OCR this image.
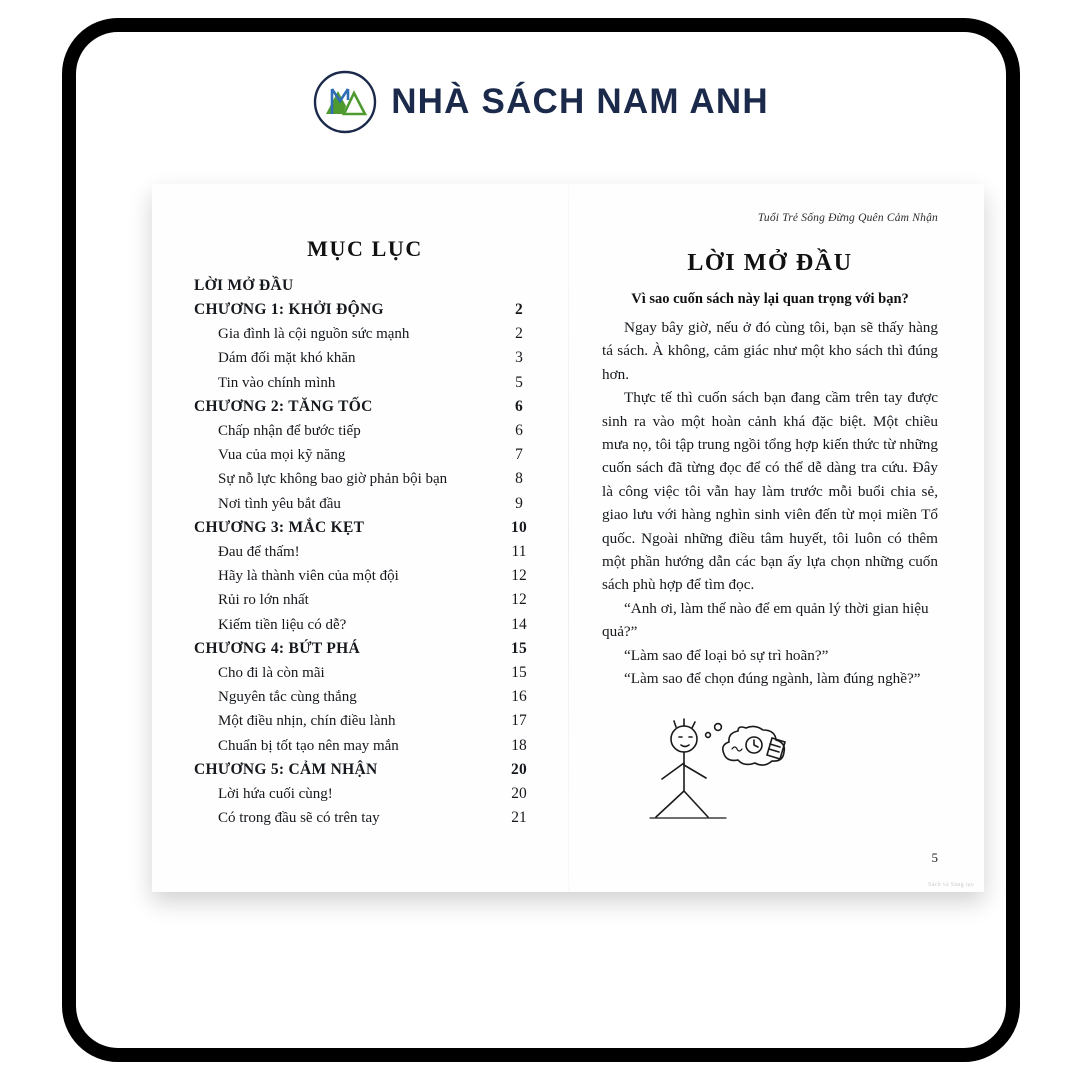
NHÀ SÁCH NAM ANH
MỤC LỤC
LỜI MỞ ĐẦU
CHƯƠNG 1: KHỞI ĐỘNG	2
Gia đình là cội nguồn sức mạnh	2
Dám đối mặt khó khăn	3
Tin vào chính mình	5
CHƯƠNG 2: TĂNG TỐC	6
Chấp nhận để bước tiếp	6
Vua của mọi kỹ năng	7
Sự nỗ lực không bao giờ phản bội bạn	8
Nơi tình yêu bắt đầu	9
CHƯƠNG 3: MẮC KẸT	10
Đau để thấm!	11
Hãy là thành viên của một đội	12
Rủi ro lớn nhất	12
Kiếm tiền liệu có dễ?	14
CHƯƠNG 4: BỨT PHÁ	15
Cho đi là còn mãi	15
Nguyên tắc cùng thắng	16
Một điều nhịn, chín điều lành	17
Chuẩn bị tốt tạo nên may mắn	18
CHƯƠNG 5: CẢM NHẬN	20
Lời hứa cuối cùng!	20
Có trong đầu sẽ có trên tay	21
Tuổi Trẻ Sống Đừng Quên Cảm Nhận
LỜI MỞ ĐẦU

Vì sao cuốn sách này lại quan trọng với bạn?

Ngay bây giờ, nếu ở đó cùng tôi, bạn sẽ thấy hàng tá sách. À không, cảm giác như một kho sách thì đúng hơn.

Thực tế thì cuốn sách bạn đang cầm trên tay được sinh ra vào một hoàn cảnh khá đặc biệt. Một chiều mưa nọ, tôi tập trung ngồi tổng hợp kiến thức từ những cuốn sách đã từng đọc để có thể dễ dàng tra cứu. Đây là công việc tôi vẫn hay làm trước mỗi buổi chia sẻ, giao lưu với hàng nghìn sinh viên đến từ mọi miền Tổ quốc. Ngoài những điều tâm huyết, tôi luôn có thêm một phần hướng dẫn các bạn ấy lựa chọn những cuốn sách phù hợp để tìm đọc.

“Anh ơi, làm thế nào để em quản lý thời gian hiệu quả?”

“Làm sao để loại bỏ sự trì hoãn?”

“Làm sao để chọn đúng ngành, làm đúng nghề?”

5
Sách và Sáng tạo
